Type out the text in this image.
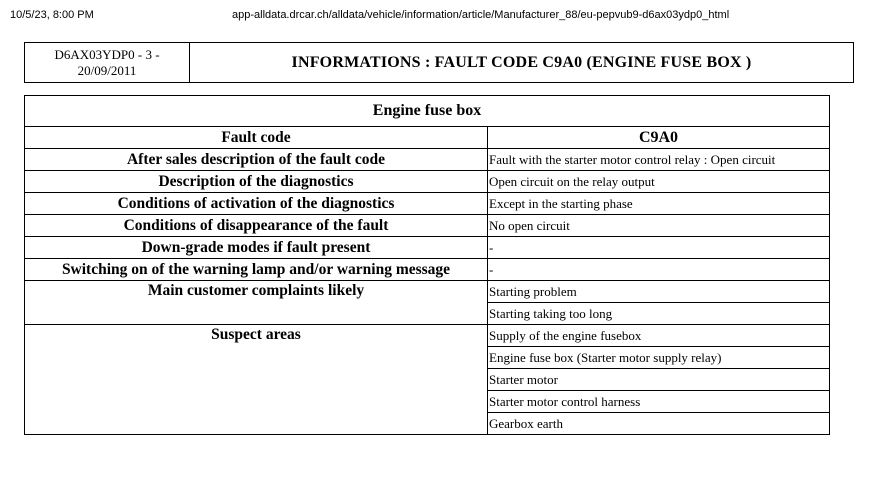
10/5/23, 8:00 PM	app-alldata.drcar.ch/alldata/vehicle/information/article/Manufacturer_88/eu-pepvub9-d6ax03ydp0_html
D6AX03YDP0 - 3 -
20/09/2011	INFORMATIONS : FAULT CODE C9A0 (ENGINE FUSE BOX )
Engine fuse box	
Fault code	C9A0
After sales description of the fault code	Fault with the starter motor control relay : Open circuit
Description of the diagnostics	Open circuit on the relay output
Conditions of activation of the diagnostics	Except in the starting phase
Conditions of disappearance of the fault	No open circuit
Down-grade modes if fault present	-
Switching on of the warning lamp and/or warning message	-
Main customer complaints likely	Starting problem
	Starting taking too long
Suspect areas	Supply of the engine fusebox
	Engine fuse box (Starter motor supply relay)
	Starter motor
	Starter motor control harness
	Gearbox earth
